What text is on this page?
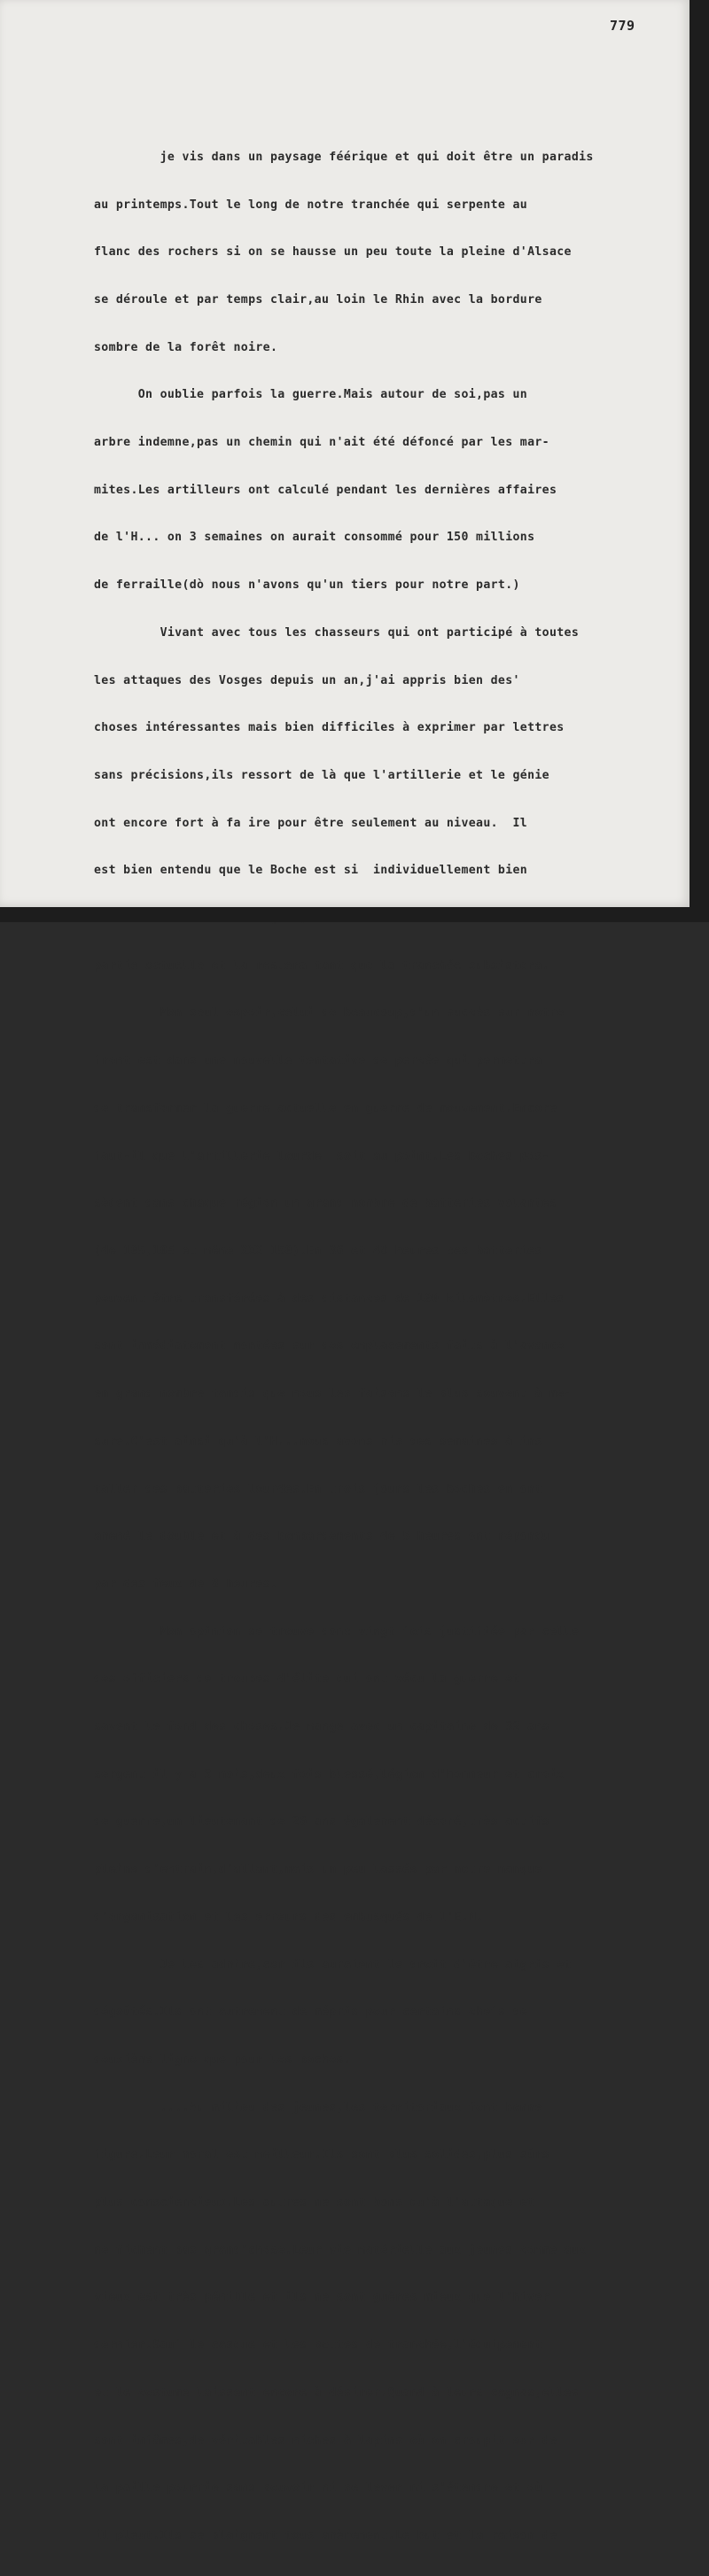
779

je vis dans un paysage féérique et qui doit être un paradis

au printemps.Tout le long de notre tranchée qui serpente au

flanc des rochers si on se hausse un peu toute la pleine d'Alsace

se déroule et par temps clair,au loin le Rhin avec la bordure

sombre de la forêt noire.

On oublie parfois la guerre.Mais autour de soi,pas un

arbre indemne,pas un chemin qui n'ait été défoncé par les mar-

mites.Les artilleurs ont calculé pendant les dernières affaires

de l'H... on 3 semaines on aurait consommé pour 150 millions

de ferraille(dò nous n'avons qu'un tiers pour notre part.)

Vivant avec tous les chasseurs qui ont participé à toutes

les attaques des Vosges depuis un an,j'ai appris bien des'

choses intéressantes mais bien difficiles à exprimer par lettres

sans précisions,ils ressort de là que l'artillerie et le génie

ont encore fort à fa ire pour être seulement au niveau.  Il

est bien entendu que le Boche est si  individuellement bien

partie actuelle et la restera tant que la tranchée subsistera.

Mon seul espoir,celui de beaucoup,d'un succès sur notre

front est dans une nouvelle tentative de percée qui permettra

de transformer la guerre actuelle en guerre de mouvement.Encore

faut-il que l'artillerie lourde  soit au point.Les boches pos-

sèdent dans chaque région un grand nombre de batteries volantes

(de 105,105 et même XXX 150).En 36 et 48 heures ces batteries

peuvent être transférées à des distances de 100 kilomètres.Elles

sont immédiatement montées sur des emplacements faits à l'avance

en grand nombre tandis que nous les faisons le plus souvent à me-

sure.C'est ainsi qu'à l'H...nous avons mis des semaines à ins

taller des batteries lourdes.En trois jours les boches en ont

amené le double et à des bombardements de 5 heures ont répondu

par des feux de 8 heures.

Mon opinion se trouve donc vingt fois justifiée par celle

des officiers de troupes d'élite qui ont vécu la guerre et

savent le fond des choses.Je mange avec un capitaine de 32 ans

sergent il y a 3 mois,deux fois blessé,légion d'honneur et croix

de guerre,un lieutenant de 26 ans également décoré,très actifs

pleins d'entrain,d'allant,mais un peu lassés par notre manque

d'organisation et les erreurs des embusqués de l'E.M.

Je les admire,car ils auraient le droit d'être aigris et

dégoûtés.Ils ont autrement de mépris pour certains chefs de

deuxième ligne que pour les boches.

....Au milieu des jeunes,les territoriaux font bonne

figure.Leur moral est meilleur.Ils sont plus solides,plus sûrs

plus consciencieux.Les autres ne sont bons qu'à l'attaque et

ne fichent pas grand'chose.Leur vie matérielle aux jeunes comme aux

vieux est très pénible et ils ne sont guères mieux que l'hiver

dernier.Sauf le casque et les bottes de tranchée,l'équipement

et le costume laissent encore à désirer.Quand à leurs cagnas,elles

sont infâmes,de véritables niches à lapins où on croupit sur de

la paille pourrie sans pouvoir ni se lever ni s'étendre et où

il pleut.Ils se plaignent tous amèrement.Le but et la raison de
